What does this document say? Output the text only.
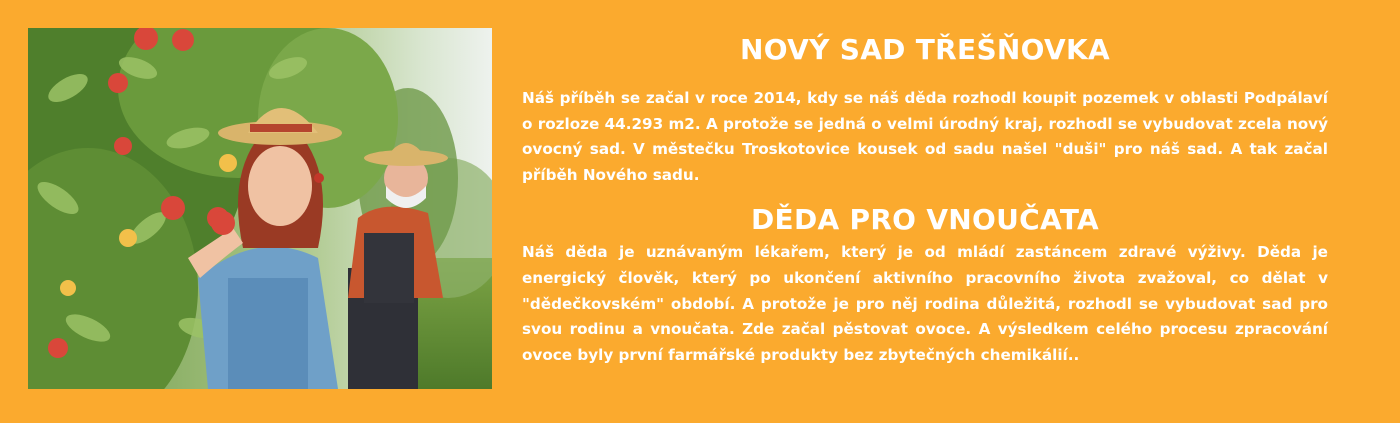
NOVÝ SAD TŘEŠŇOVKA

Náš příběh se začal v roce 2014, kdy se náš děda rozhodl koupit pozemek v oblasti Podpálaví o rozloze 44.293 m2. A protože se jedná o velmi úrodný kraj, rozhodl se vybudovat zcela nový ovocný sad. V městečku Troskotovice kousek od sadu našel "duši" pro náš sad. A tak začal příběh Nového sadu.

DĚDA PRO VNOUČATA

Náš děda je uznávaným lékařem, který je od mládí zastáncem zdravé výživy. Děda je energický člověk, který po ukončení aktivního pracovního života zvažoval, co dělat v "dědečkovském" období. A protože je pro něj rodina důležitá, rozhodl se vybudovat sad pro svou rodinu a vnoučata. Zde začal pěstovat ovoce. A výsledkem celého procesu zpracování ovoce byly první farmářské produkty bez zbytečných chemikálií..
